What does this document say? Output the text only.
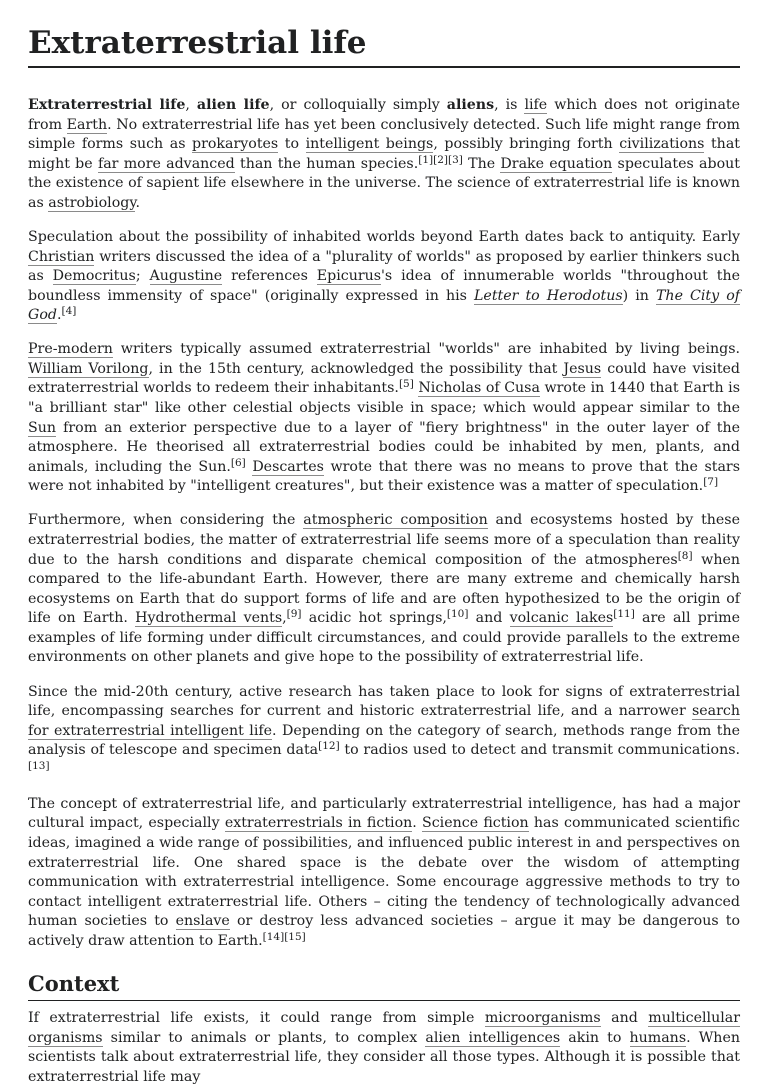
Extraterrestrial life

Extraterrestrial life, alien life, or colloquially simply aliens, is life which does not originate from Earth. No extraterrestrial life has yet been conclusively detected. Such life might range from simple forms such as prokaryotes to intelligent beings, possibly bringing forth civilizations that might be far more advanced than the human species.[1][2][3] The Drake equation speculates about the existence of sapient life elsewhere in the universe. The science of extraterrestrial life is known as astrobiology.

Speculation about the possibility of inhabited worlds beyond Earth dates back to antiquity. Early Christian writers discussed the idea of a "plurality of worlds" as proposed by earlier thinkers such as Democritus; Augustine references Epicurus's idea of innumerable worlds "throughout the boundless immensity of space" (originally expressed in his Letter to Herodotus) in The City of God.[4]

Pre-modern writers typically assumed extraterrestrial "worlds" are inhabited by living beings. William Vorilong, in the 15th century, acknowledged the possibility that Jesus could have visited extraterrestrial worlds to redeem their inhabitants.[5] Nicholas of Cusa wrote in 1440 that Earth is "a brilliant star" like other celestial objects visible in space; which would appear similar to the Sun from an exterior perspective due to a layer of "fiery brightness" in the outer layer of the atmosphere. He theorised all extraterrestrial bodies could be inhabited by men, plants, and animals, including the Sun.[6] Descartes wrote that there was no means to prove that the stars were not inhabited by "intelligent creatures", but their existence was a matter of speculation.[7]

Furthermore, when considering the atmospheric composition and ecosystems hosted by these extraterrestrial bodies, the matter of extraterrestrial life seems more of a speculation than reality due to the harsh conditions and disparate chemical composition of the atmospheres[8] when compared to the life-abundant Earth. However, there are many extreme and chemically harsh ecosystems on Earth that do support forms of life and are often hypothesized to be the origin of life on Earth. Hydrothermal vents,[9] acidic hot springs,[10] and volcanic lakes[11] are all prime examples of life forming under difficult circumstances, and could provide parallels to the extreme environments on other planets and give hope to the possibility of extraterrestrial life.

Since the mid-20th century, active research has taken place to look for signs of extraterrestrial life, encompassing searches for current and historic extraterrestrial life, and a narrower search for extraterrestrial intelligent life. Depending on the category of search, methods range from the analysis of telescope and specimen data[12] to radios used to detect and transmit communications.[13]

The concept of extraterrestrial life, and particularly extraterrestrial intelligence, has had a major cultural impact, especially extraterrestrials in fiction. Science fiction has communicated scientific ideas, imagined a wide range of possibilities, and influenced public interest in and perspectives on extraterrestrial life. One shared space is the debate over the wisdom of attempting communication with extraterrestrial intelligence. Some encourage aggressive methods to try to contact intelligent extraterrestrial life. Others – citing the tendency of technologically advanced human societies to enslave or destroy less advanced societies – argue it may be dangerous to actively draw attention to Earth.[14][15]

Context

If extraterrestrial life exists, it could range from simple microorganisms and multicellular organisms similar to animals or plants, to complex alien intelligences akin to humans. When scientists talk about extraterrestrial life, they consider all those types. Although it is possible that extraterrestrial life may
